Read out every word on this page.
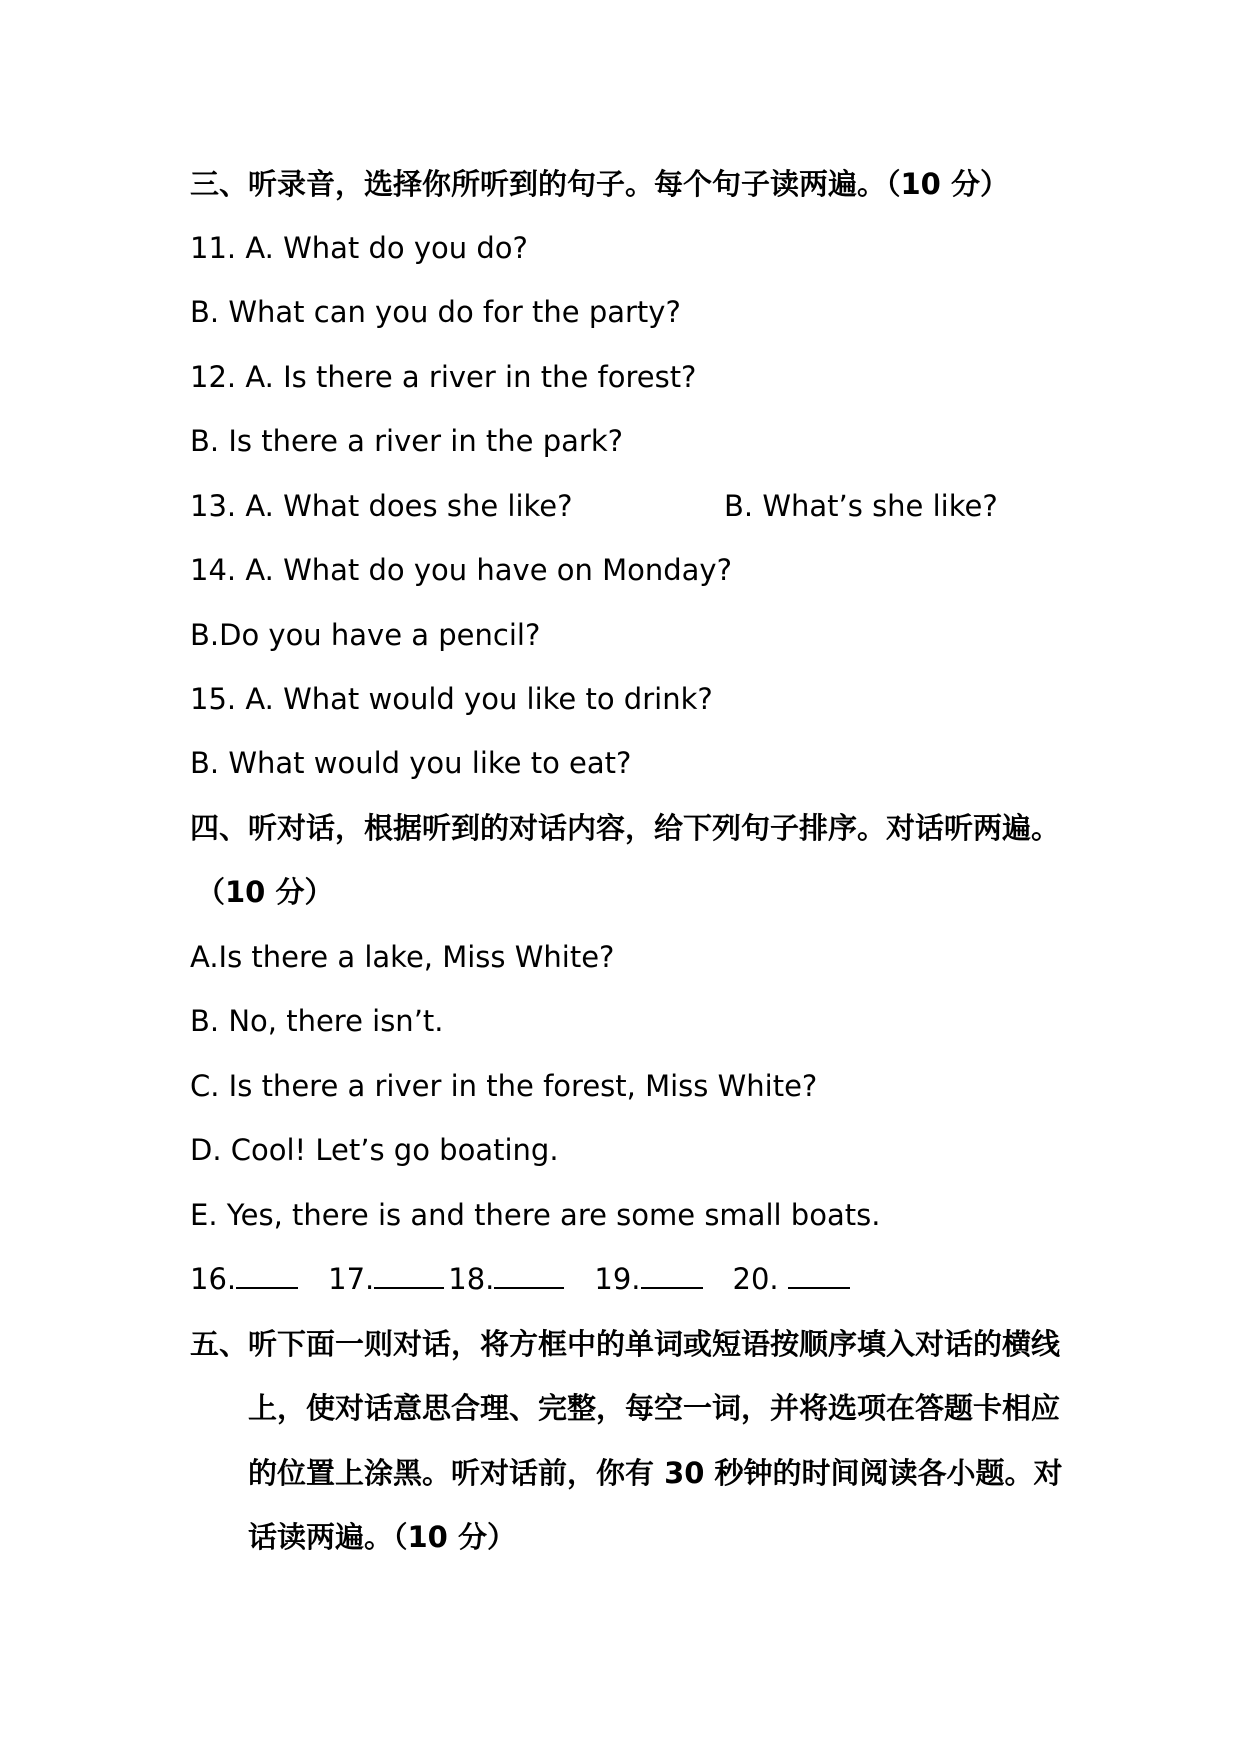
三、听录音，选择你所听到的句子。每个句子读两遍。（10 分）
11. A. What do you do?
B. What can you do for the party?
12. A. Is there a river in the forest?
B. Is there a river in the park?
13. A. What does she like?	B. What’s she like?
14. A. What do you have on Monday?
B.Do you have a pencil?
15. A. What would you like to drink?
B. What would you like to eat?
四、听对话，根据听到的对话内容，给下列句子排序。对话听两遍。
（10 分）
A.Is there a lake, Miss White?
B. No, there isn’t.
C. Is there a river in the forest, Miss White?
D. Cool! Let’s go boating.
E. Yes, there is and there are some small boats.
16.	17.	18.	19.	20.
五、听下面一则对话，将方框中的单词或短语按顺序填入对话的横线
上，使对话意思合理、完整，每空一词，并将选项在答题卡相应
的位置上涂黑。听对话前，你有 30 秒钟的时间阅读各小题。对
话读两遍。（10 分）
